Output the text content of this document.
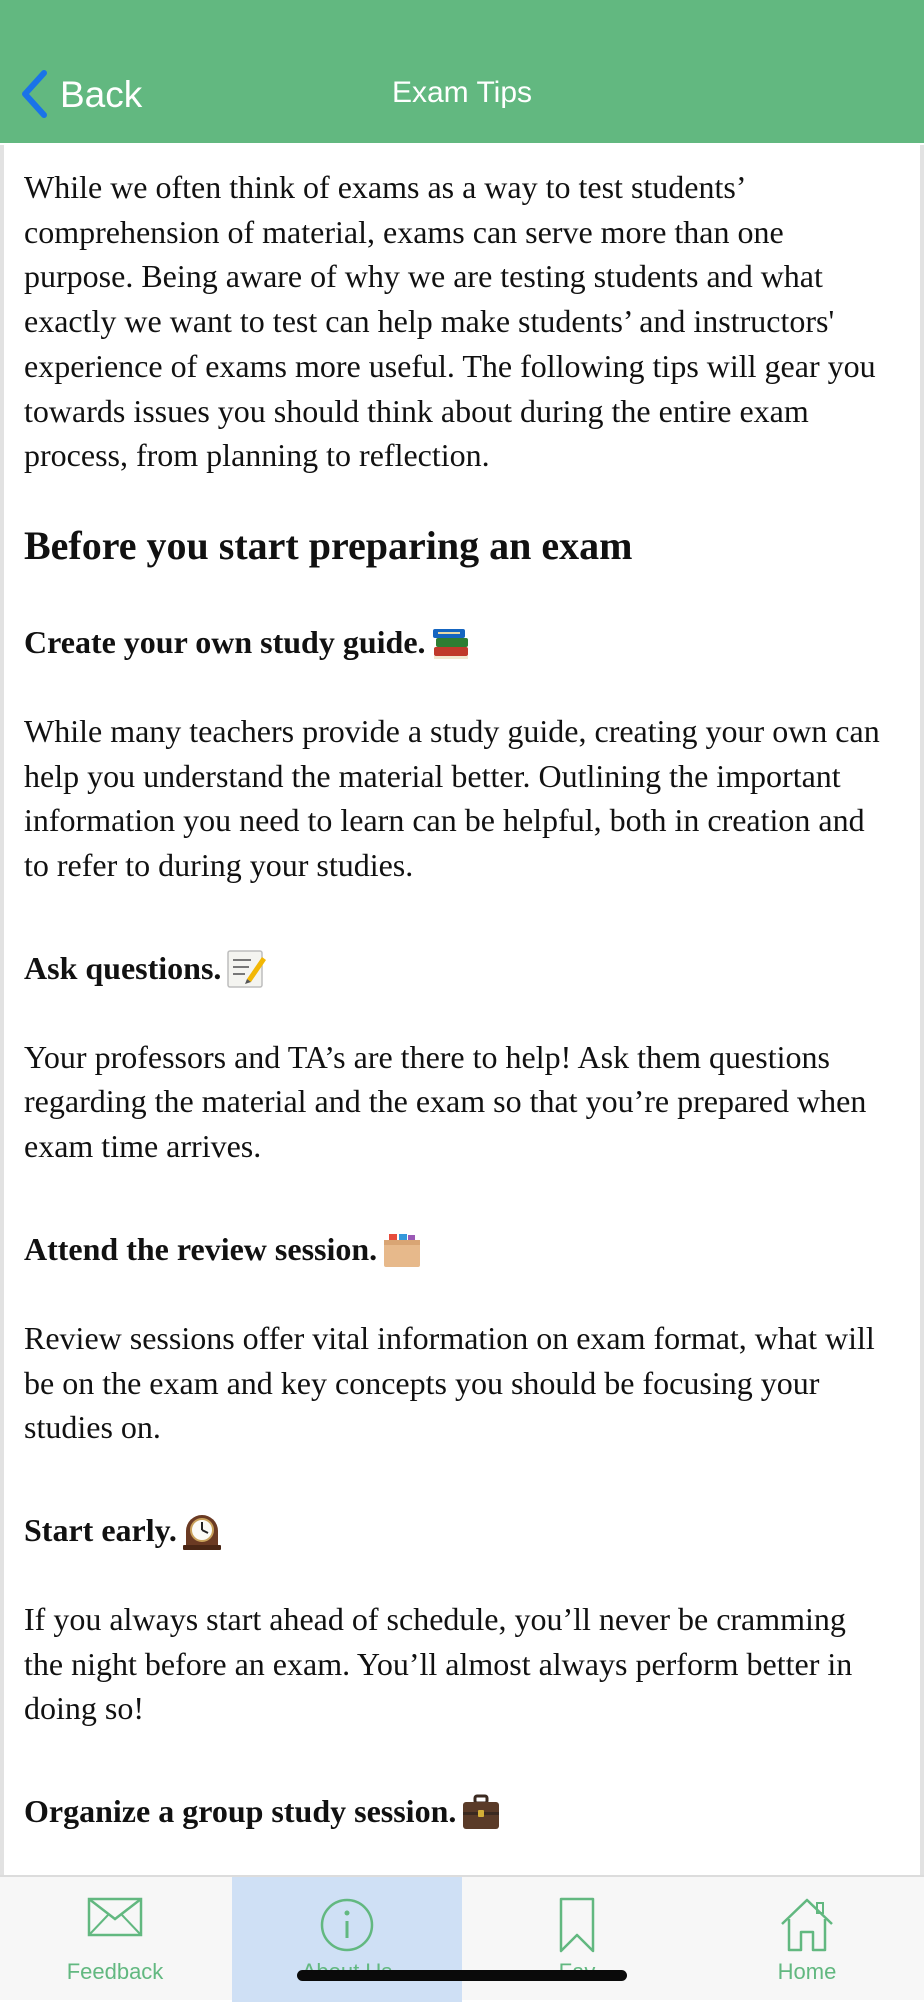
Back	Exam Tips

While we often think of exams as a way to test students’ comprehension of material, exams can serve more than one purpose. Being aware of why we are testing students and what exactly we want to test can help make students’ and instructors' experience of exams more useful. The following tips will gear you towards issues you should think about during the entire exam process, from planning to reflection.

Before you start preparing an exam
Create your own study guide.

While many teachers provide a study guide, creating your own can help you understand the material better. Outlining the important information you need to learn can be helpful, both in creation and to refer to during your studies.

Ask questions.

Your professors and TA’s are there to help! Ask them questions regarding the material and the exam so that you’re prepared when exam time arrives.

Attend the review session.

Review sessions offer vital information on exam format, what will be on the exam and key concepts you should be focusing your studies on.

Start early.

If you always start ahead of schedule, you’ll never be cramming the night before an exam. You’ll almost always perform better in doing so!

Organize a group study session.
Feedback	Home
